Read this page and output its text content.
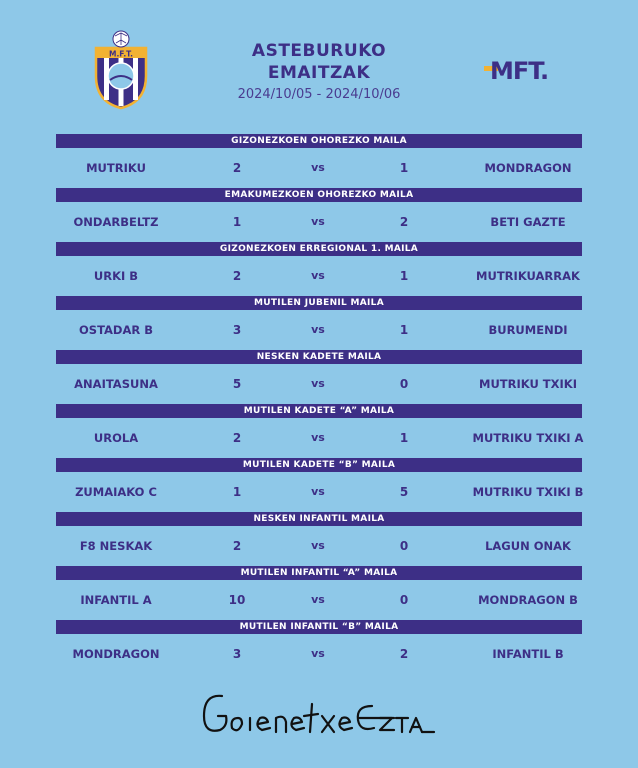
M.F.T.	ASTEBURUKO
EMAITZAK
2024/10/05 - 2024/10/06
MFT.
GIZONEZKOEN OHOREZKO MAILA
MUTRIKU	2	vs	1	MONDRAGON
EMAKUMEZKOEN OHOREZKO MAILA
ONDARBELTZ	1	vs	2	BETI GAZTE
GIZONEZKOEN ERREGIONAL 1. MAILA
URKI B	2	vs	1	MUTRIKUARRAK
MUTILEN JUBENIL MAILA
OSTADAR B	3	vs	1	BURUMENDI
NESKEN KADETE MAILA
ANAITASUNA	5	vs	0	MUTRIKU TXIKI
MUTILEN KADETE “A” MAILA
UROLA	2	vs	1	MUTRIKU TXIKI A
MUTILEN KADETE “B” MAILA
ZUMAIAKO C	1	vs	5	MUTRIKU TXIKI B
NESKEN INFANTIL MAILA
F8 NESKAK	2	vs	0	LAGUN ONAK
MUTILEN INFANTIL “A” MAILA
INFANTIL A	10	vs	0	MONDRAGON B
MUTILEN INFANTIL “B” MAILA
MONDRAGON	3	vs	2	INFANTIL B
